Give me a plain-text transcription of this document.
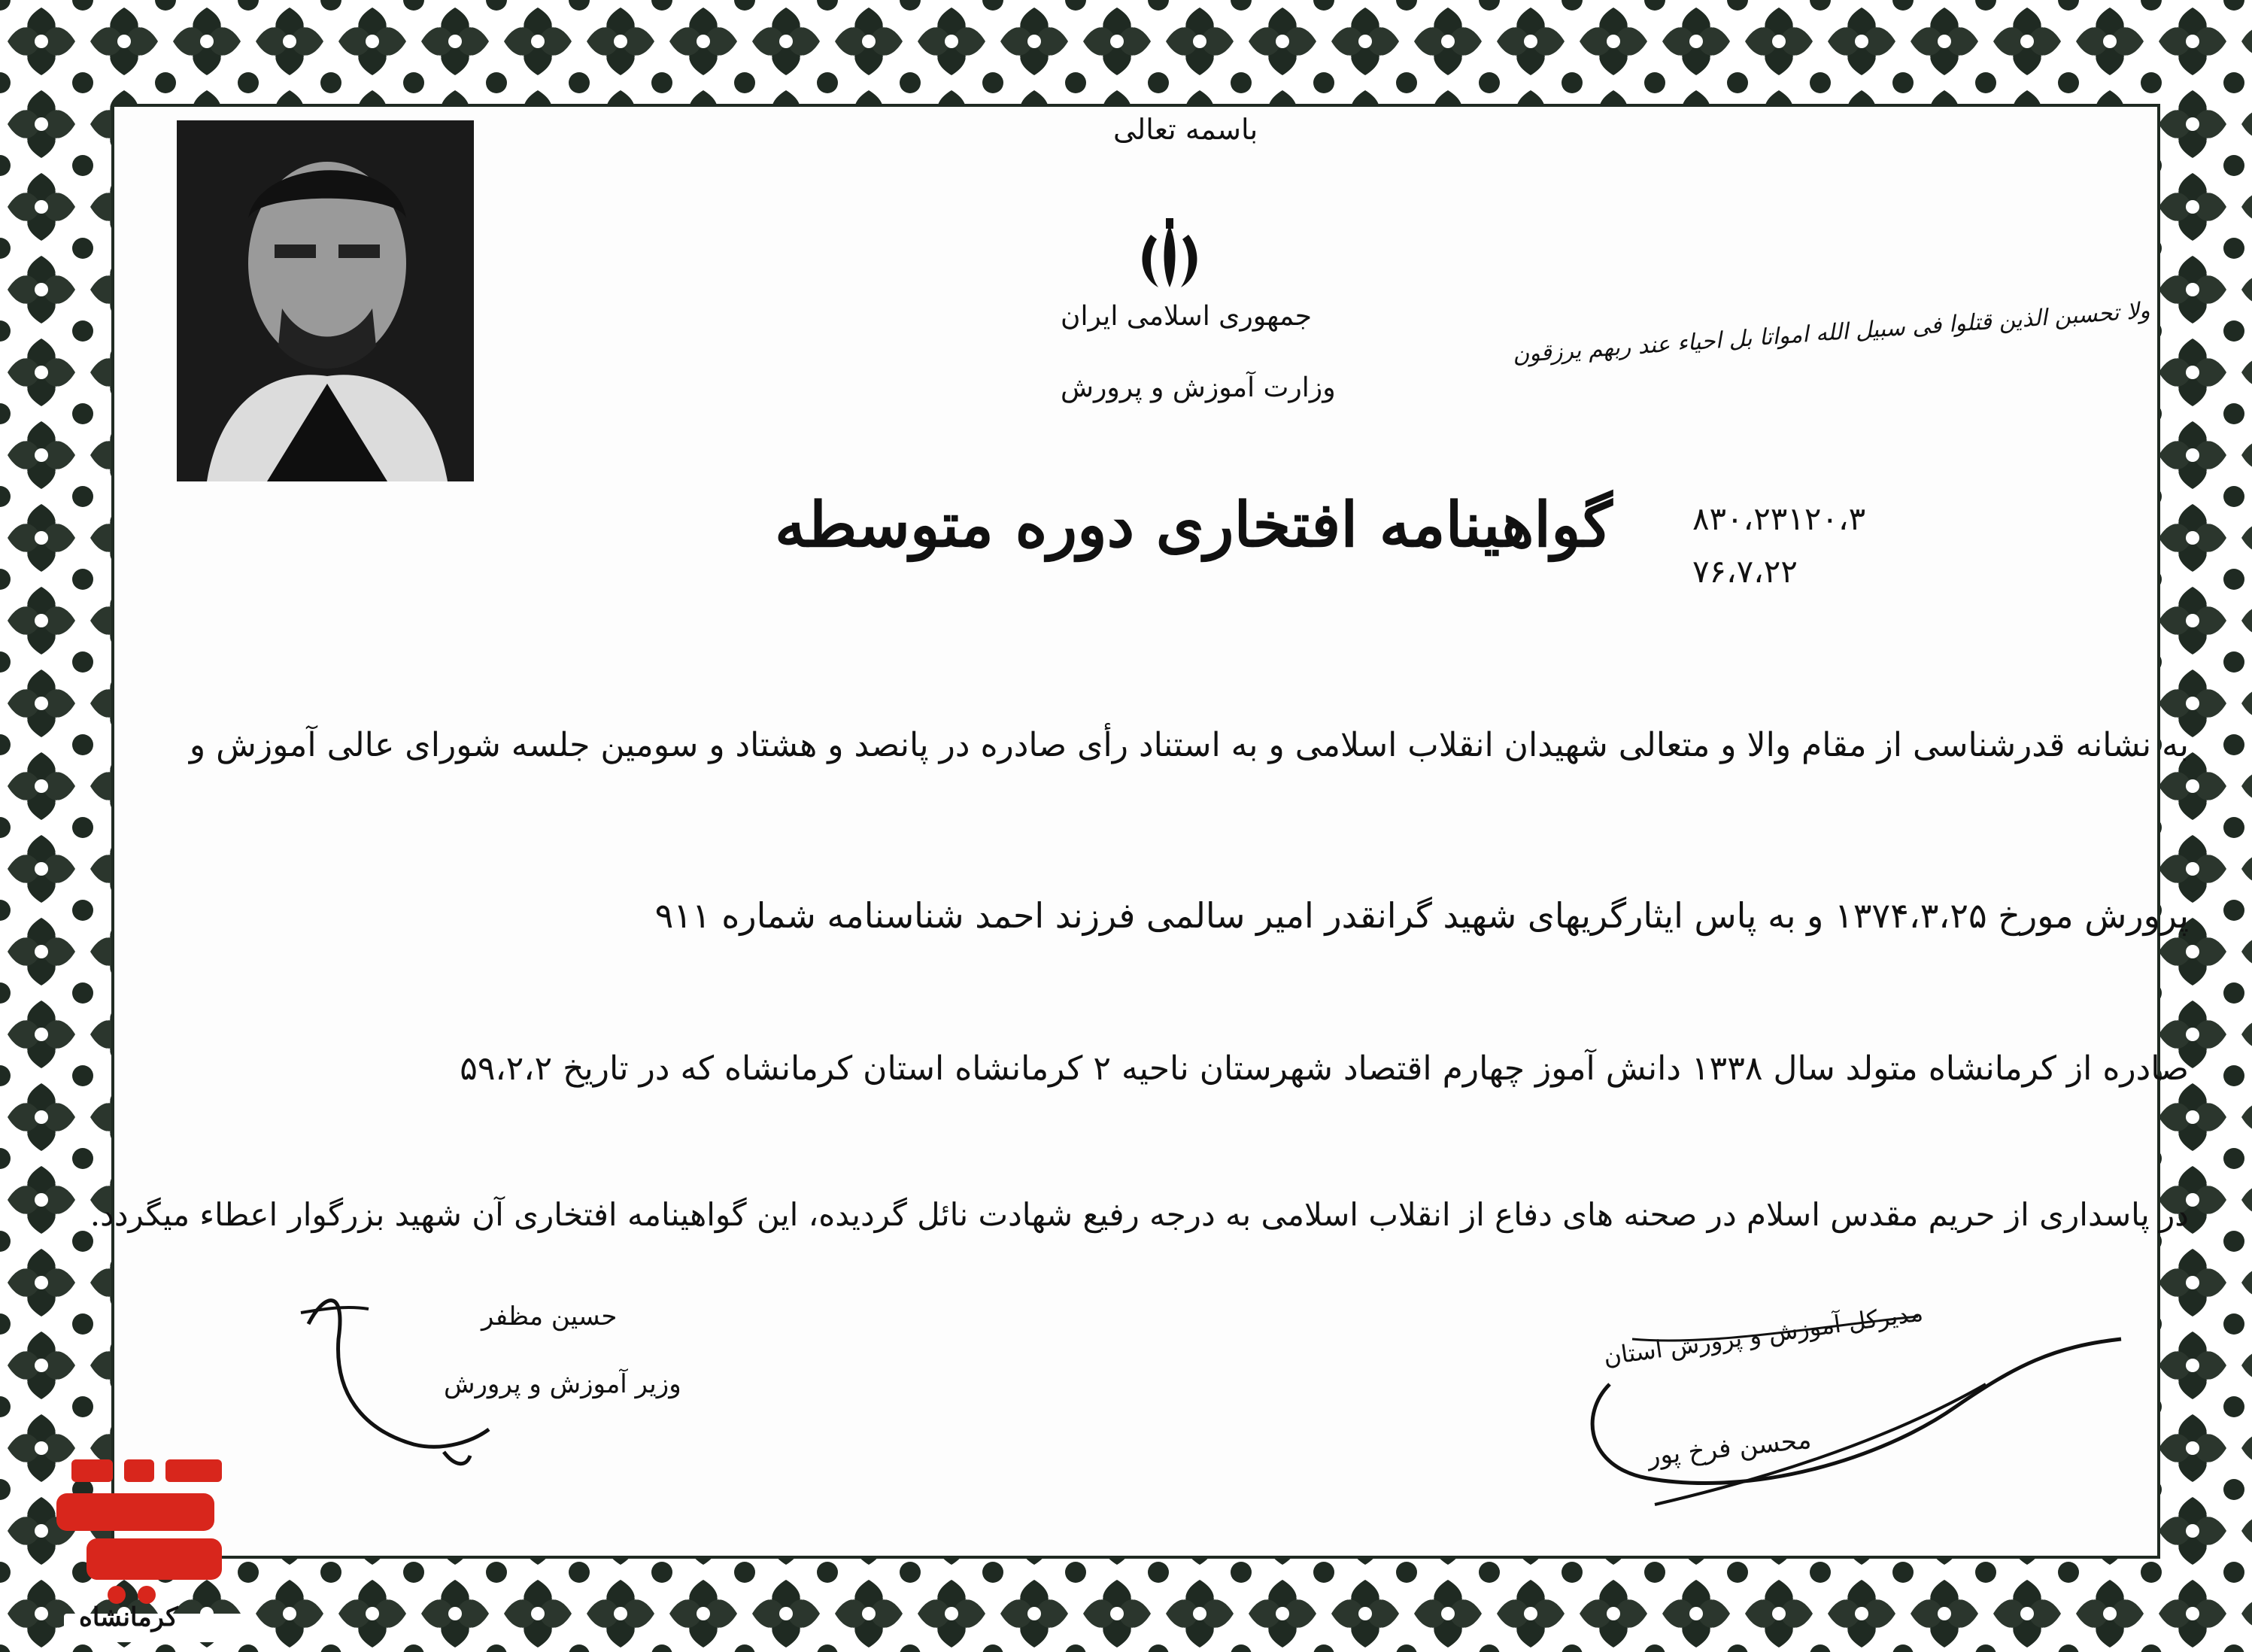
باسمه تعالی
جمهوری اسلامی ایران
وزارت آموزش و پرورش
ولا تحسبن الذین قتلوا فی سبیل الله امواتا بل احیاء عند ربهم یرزقون
۸۳۰،۲۳۱۲۰،۳
۷۶،۷،۲۲
گواهینامه افتخاری دوره متوسطه
به نشانه قدرشناسی از مقام والا و متعالی شهیدان انقلاب اسلامی و به استناد رأی صادره در پانصد و هشتاد و سومین جلسه شورای عالی آموزش و
پرورش مورخ ۱۳۷۴،۳،۲۵ و به پاس ایثارگریهای شهید گرانقدر امیر سالمی فرزند احمد شناسنامه شماره ۹۱۱
صادره از کرمانشاه متولد سال ۱۳۳۸ دانش آموز چهارم اقتصاد شهرستان ناحیه ۲ کرمانشاه استان کرمانشاه که در تاریخ ۵۹،۲،۲
در پاسداری از حریم مقدس اسلام در صحنه های دفاع از انقلاب اسلامی به درجه رفیع شهادت نائل گردیده، این گواهینامه افتخاری آن شهید بزرگوار اعطاء میگردد.
حسین مظفر
وزیر آموزش و پرورش
مدیرکل آموزش و پرورش استان
محسن فرخ پور
کرمانشاه
